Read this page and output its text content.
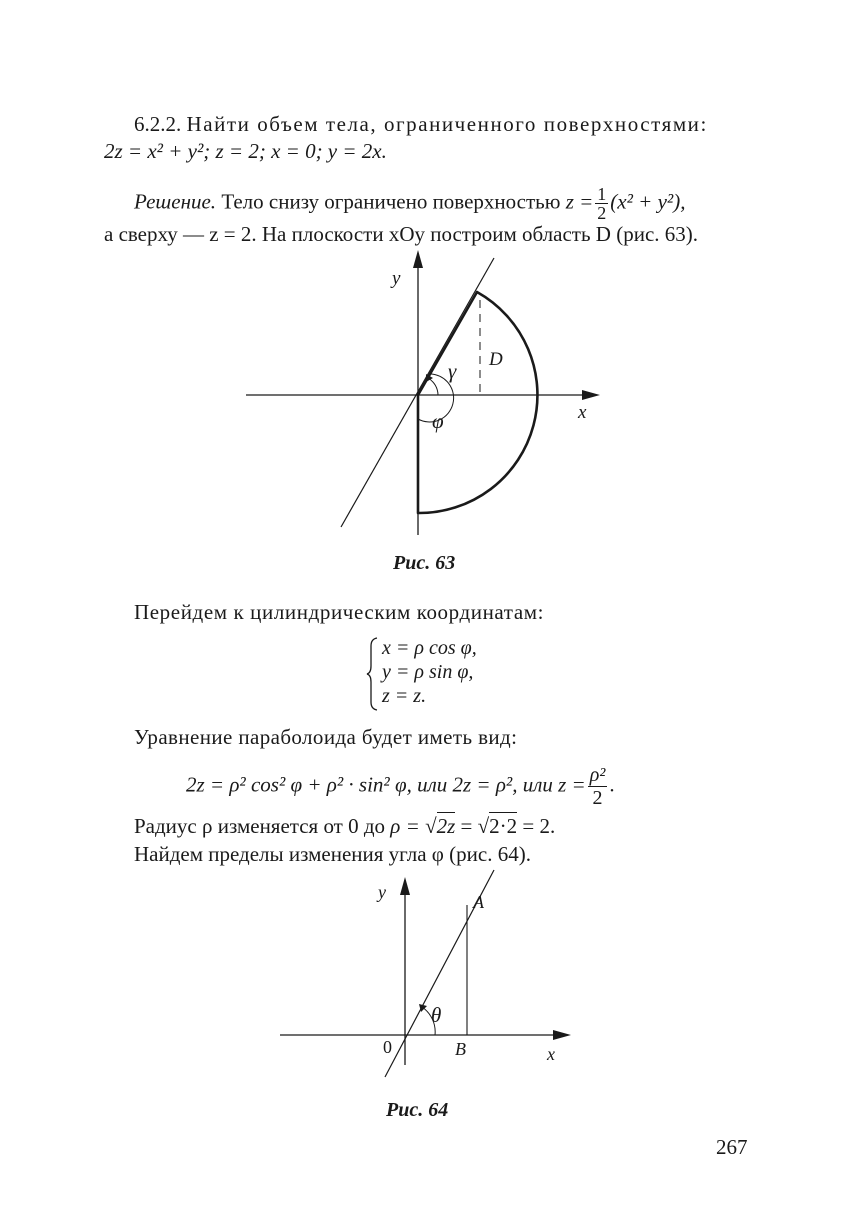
6.2.2. Найти объем тела, ограниченного поверхностями:
2z = x² + y²; z = 2; x = 0; y = 2x.
Решение. Тело снизу ограничено поверхностью $z = \frac{1}{2} (x^2 + y^2)$,
а сверху — z = 2. На плоскости xOy построим область D (рис. 63).
y
x
D
γ
φ
Рис. 63
Перейдем к цилиндрическим координатам:
x = ρ cos φ,
y = ρ sin φ,
z = z.
Уравнение параболоида будет иметь вид:
2z = ρ² cos² φ + ρ² · sin² φ, или 2z = ρ², или $z = \frac{\text{ρ²}}{2}$ .
Радиус ρ изменяется от 0 до ρ = √2z = √2·2 = 2.
Найдем пределы изменения угла φ (рис. 64).
y
x
A
B
0
θ
Рис. 64
267
